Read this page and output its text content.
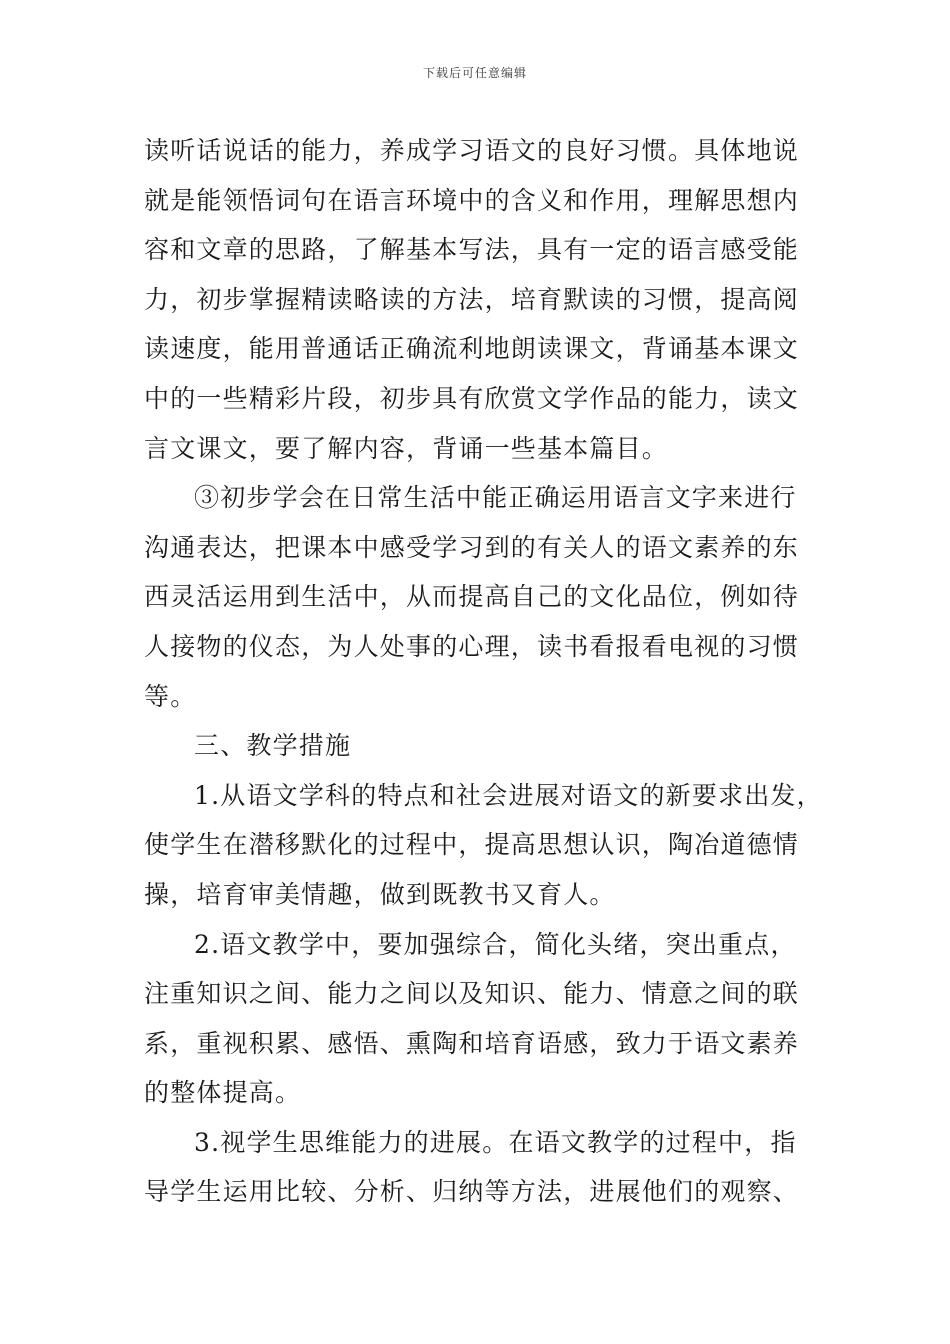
下载后可任意编辑

读听话说话的能力，养成学习语文的良好习惯。具体地说
就是能领悟词句在语言环境中的含义和作用，理解思想内
容和文章的思路，了解基本写法，具有一定的语言感受能
力，初步掌握精读略读的方法，培育默读的习惯，提高阅
读速度，能用普通话正确流利地朗读课文，背诵基本课文
中的一些精彩片段，初步具有欣赏文学作品的能力，读文
言文课文，要了解内容，背诵一些基本篇目。

③初步学会在日常生活中能正确运用语言文字来进行
沟通表达，把课本中感受学习到的有关人的语文素养的东
西灵活运用到生活中，从而提高自己的文化品位，例如待
人接物的仪态，为人处事的心理，读书看报看电视的习惯
等。

三、教学措施

1.从语文学科的特点和社会进展对语文的新要求出发，
使学生在潜移默化的过程中，提高思想认识，陶冶道德情
操，培育审美情趣，做到既教书又育人。

2.语文教学中，要加强综合，简化头绪，突出重点，
注重知识之间、能力之间以及知识、能力、情意之间的联
系，重视积累、感悟、熏陶和培育语感，致力于语文素养
的整体提高。

3.视学生思维能力的进展。在语文教学的过程中，指
导学生运用比较、分析、归纳等方法，进展他们的观察、
